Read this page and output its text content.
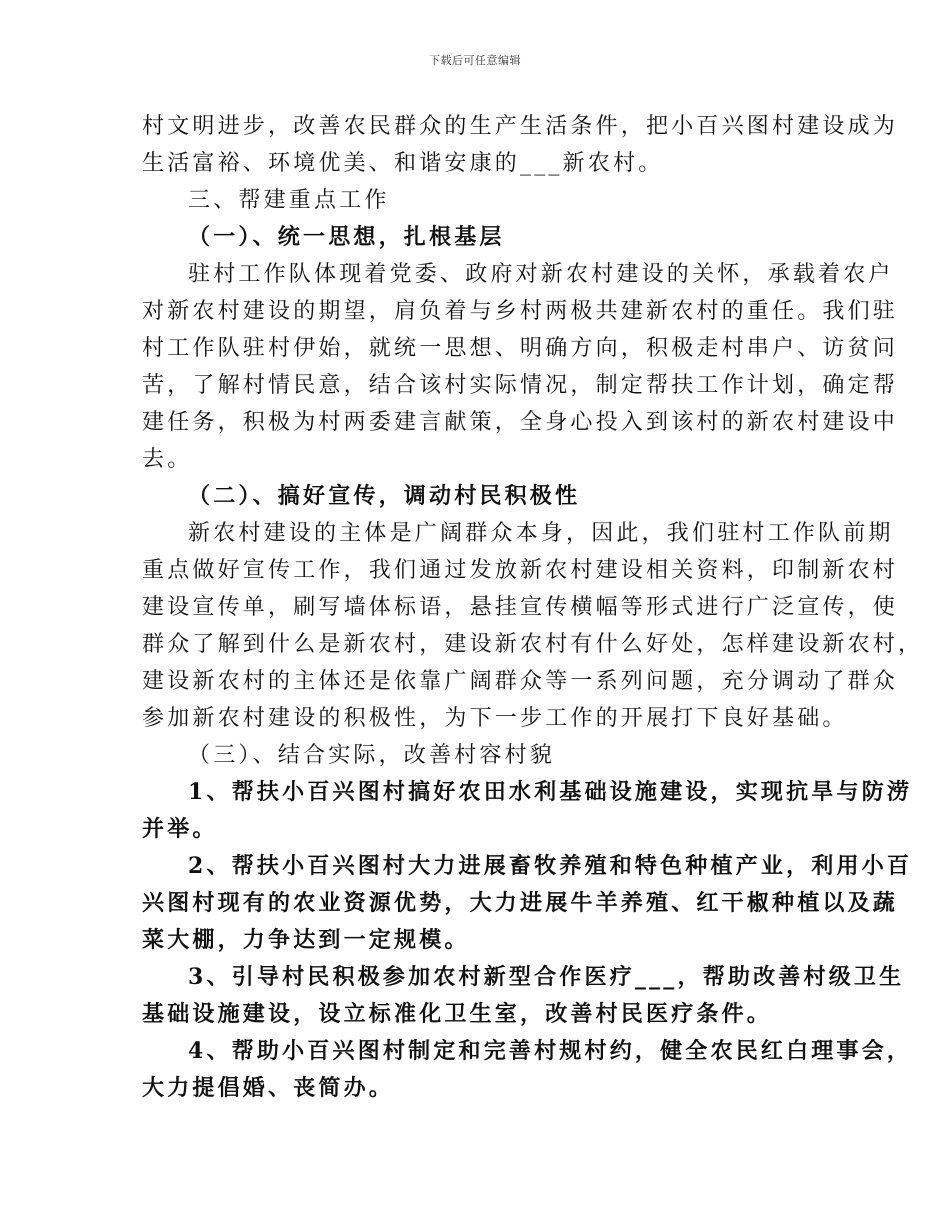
下载后可任意编辑
村文明进步，改善农民群众的生产生活条件，把小百兴图村建设成为
生活富裕、环境优美、和谐安康的___新农村。
三、帮建重点工作
（一）、统一思想，扎根基层
驻村工作队体现着党委、政府对新农村建设的关怀，承载着农户
对新农村建设的期望，肩负着与乡村两极共建新农村的重任。我们驻
村工作队驻村伊始，就统一思想、明确方向，积极走村串户、访贫问
苦，了解村情民意，结合该村实际情况，制定帮扶工作计划，确定帮
建任务，积极为村两委建言献策，全身心投入到该村的新农村建设中
去。
（二）、搞好宣传，调动村民积极性
新农村建设的主体是广阔群众本身，因此，我们驻村工作队前期
重点做好宣传工作，我们通过发放新农村建设相关资料，印制新农村
建设宣传单，刷写墙体标语，悬挂宣传横幅等形式进行广泛宣传，使
群众了解到什么是新农村，建设新农村有什么好处，怎样建设新农村，
建设新农村的主体还是依靠广阔群众等一系列问题，充分调动了群众
参加新农村建设的积极性，为下一步工作的开展打下良好基础。
（三）、结合实际，改善村容村貌
1、帮扶小百兴图村搞好农田水利基础设施建设，实现抗旱与防涝
并举。
2、帮扶小百兴图村大力进展畜牧养殖和特色种植产业，利用小百
兴图村现有的农业资源优势，大力进展牛羊养殖、红干椒种植以及蔬
菜大棚，力争达到一定规模。
3、引导村民积极参加农村新型合作医疗___，帮助改善村级卫生
基础设施建设，设立标准化卫生室，改善村民医疗条件。
4、帮助小百兴图村制定和完善村规村约，健全农民红白理事会，
大力提倡婚、丧简办。
